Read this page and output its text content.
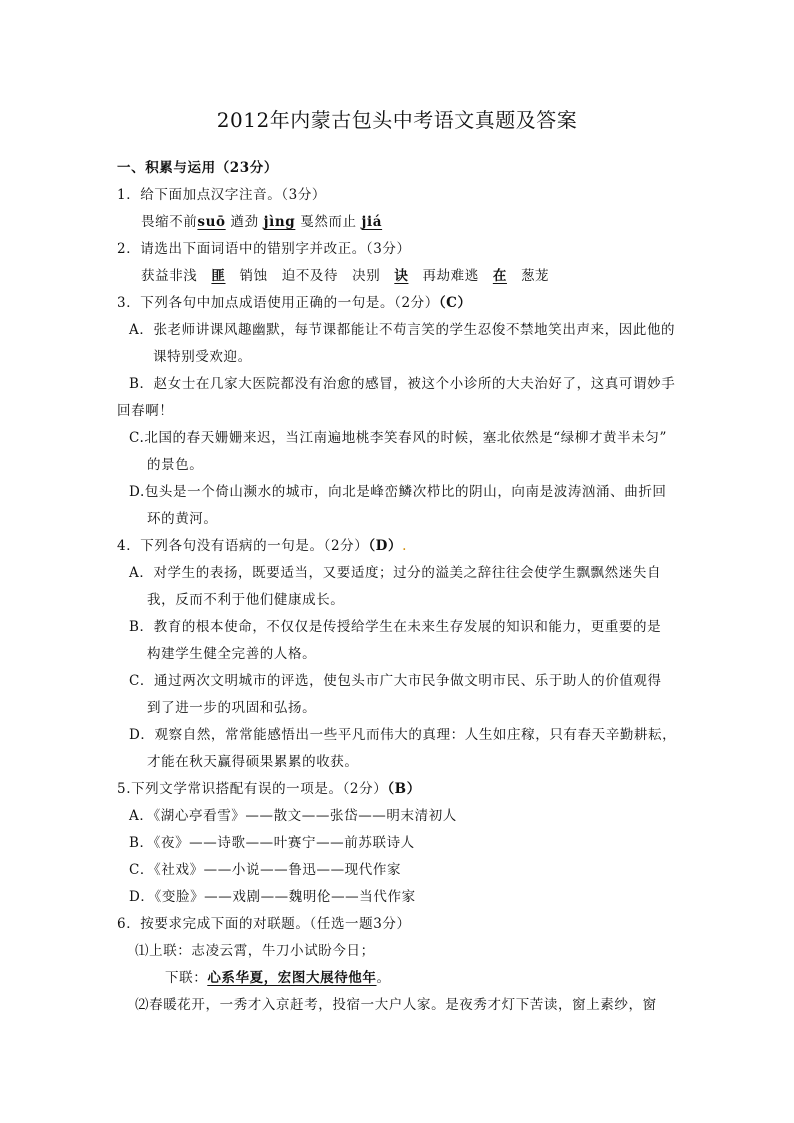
2012年内蒙古包头中考语文真题及答案
一、积累与运用（23分）
1．给下面加点汉字注音。（3分）
畏缩不前suō 遒劲 jìng 戛然而止 jiá
2．请选出下面词语中的错别字并改正。（3分）
获益非浅 匪 销蚀 迫不及待 决别 诀 再劫难逃 在 葱茏
3．下列各句中加点成语使用正确的一句是。（2分）（C）
A．张老师讲课风趣幽默，每节课都能让不苟言笑的学生忍俊不禁地笑出声来，因此他的
课特别受欢迎。
B．赵女士在几家大医院都没有治愈的感冒，被这个小诊所的大夫治好了，这真可谓妙手
回春啊！
C.北国的春天姗姗来迟，当江南遍地桃李笑春风的时候，塞北依然是“绿柳才黄半未匀”
的景色。
D.包头是一个倚山濒水的城市，向北是峰峦鳞次栉比的阴山，向南是波涛汹涌、曲折回
环的黄河。
4．下列各句没有语病的一句是。（2分）（D）.
A．对学生的表扬，既要适当，又要适度；过分的溢美之辞往往会使学生飘飘然迷失自
我，反而不利于他们健康成长。
B．教育的根本使命，不仅仅是传授给学生在未来生存发展的知识和能力，更重要的是
构建学生健全完善的人格。
C．通过两次文明城市的评选，使包头市广大市民争做文明市民、乐于助人的价值观得
到了进一步的巩固和弘扬。
D．观察自然，常常能感悟出一些平凡而伟大的真理：人生如庄稼，只有春天辛勤耕耘，
才能在秋天赢得硕果累累的收获。
5.下列文学常识搭配有误的一项是。（2分）（B）
A．《湖心亭看雪》——散文——张岱——明末清初人
B．《夜》——诗歌——叶赛宁——前苏联诗人
C．《社戏》——小说——鲁迅——现代作家
D．《变脸》——戏剧——魏明伦——当代作家
6．按要求完成下面的对联题。（任选一题3分）
⑴上联：志凌云霄，牛刀小试盼今日；
下联：心系华夏，宏图大展待他年。
⑵春暖花开，一秀才入京赶考，投宿一大户人家。是夜秀才灯下苦读，窗上素纱，窗
